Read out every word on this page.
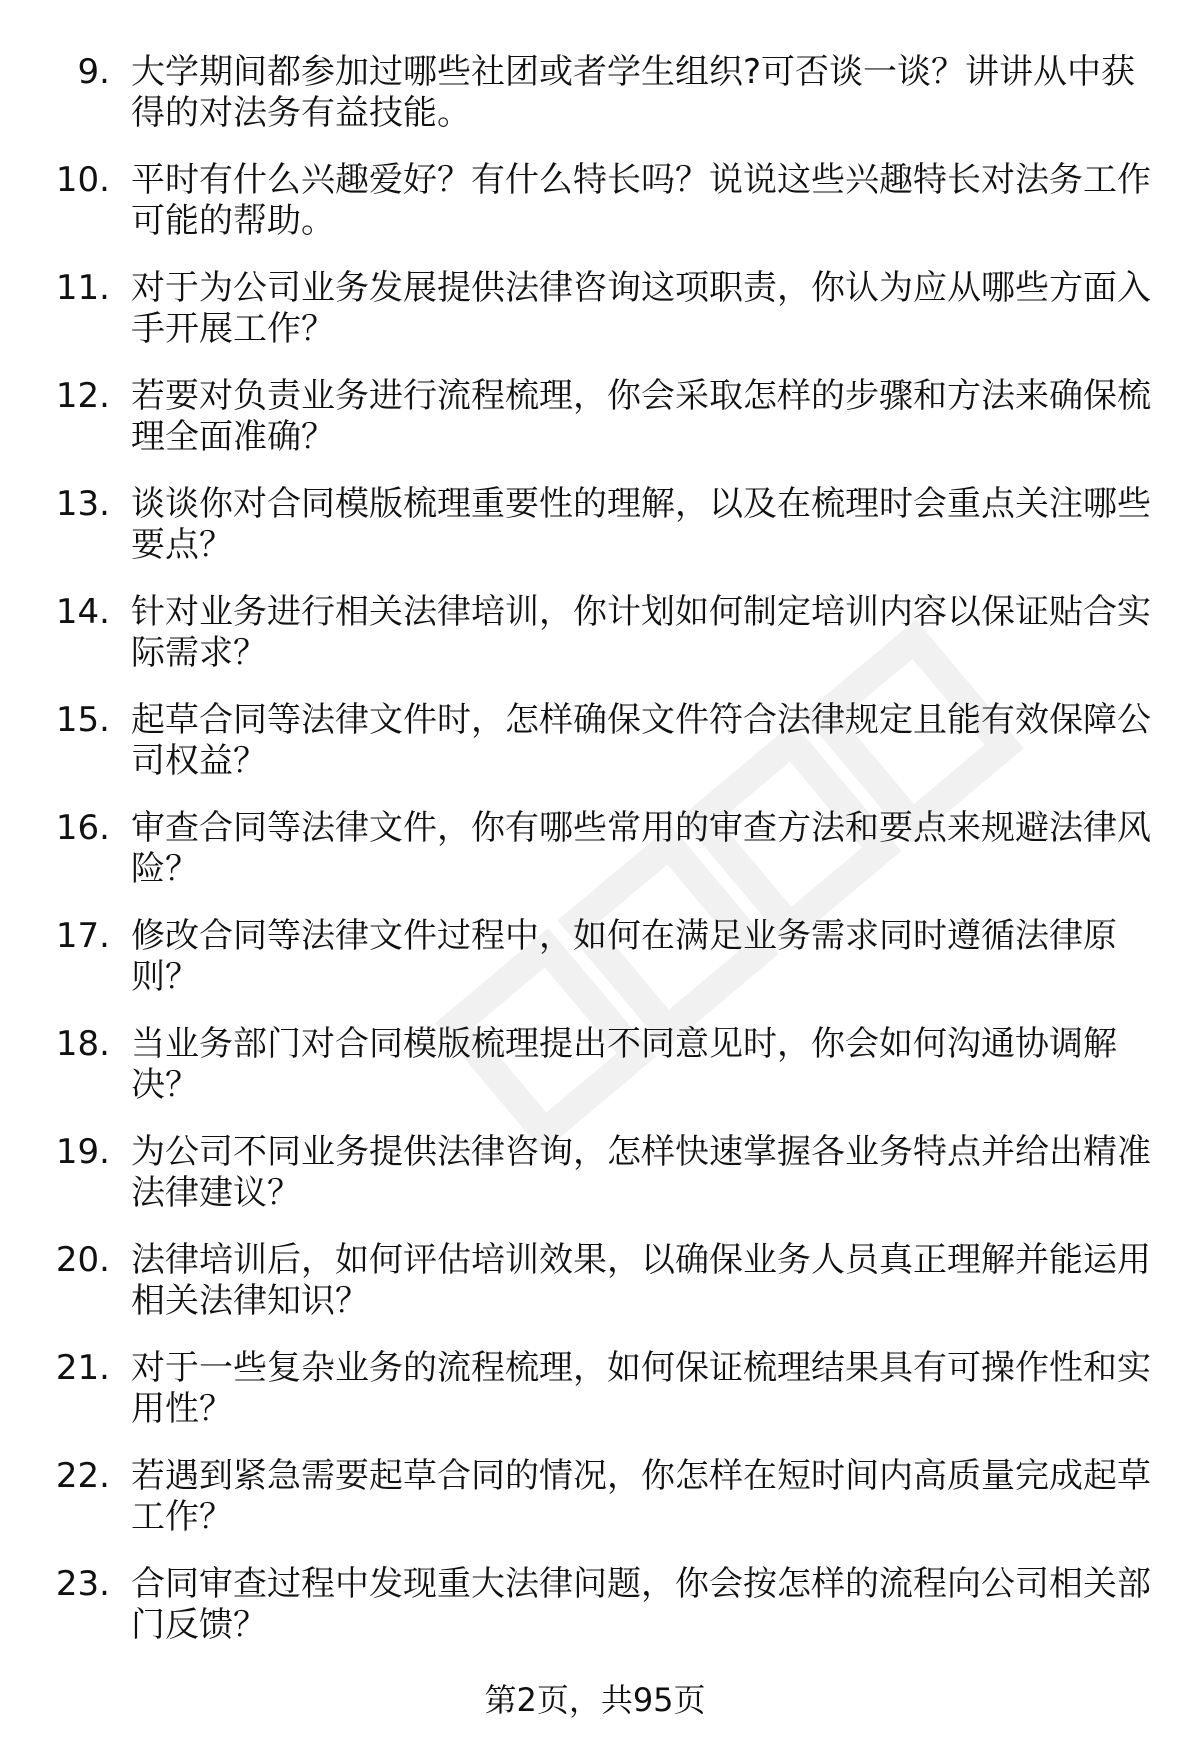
9. 大学期间都参加过哪些社团或者学生组织?可否谈一谈？讲讲从中获得的对法务有益技能。
10. 平时有什么兴趣爱好？有什么特长吗？说说这些兴趣特长对法务工作可能的帮助。
11. 对于为公司业务发展提供法律咨询这项职责，你认为应从哪些方面入手开展工作？
12. 若要对负责业务进行流程梳理，你会采取怎样的步骤和方法来确保梳理全面准确？
13. 谈谈你对合同模版梳理重要性的理解，以及在梳理时会重点关注哪些要点？
14. 针对业务进行相关法律培训，你计划如何制定培训内容以保证贴合实际需求？
15. 起草合同等法律文件时，怎样确保文件符合法律规定且能有效保障公司权益？
16. 审查合同等法律文件，你有哪些常用的审查方法和要点来规避法律风险？
17. 修改合同等法律文件过程中，如何在满足业务需求同时遵循法律原则？
18. 当业务部门对合同模版梳理提出不同意见时，你会如何沟通协调解决？
19. 为公司不同业务提供法律咨询，怎样快速掌握各业务特点并给出精准法律建议？
20. 法律培训后，如何评估培训效果，以确保业务人员真正理解并能运用相关法律知识？
21. 对于一些复杂业务的流程梳理，如何保证梳理结果具有可操作性和实用性？
22. 若遇到紧急需要起草合同的情况，你怎样在短时间内高质量完成起草工作？
23. 合同审查过程中发现重大法律问题，你会按怎样的流程向公司相关部门反馈？
第2页，共95页
